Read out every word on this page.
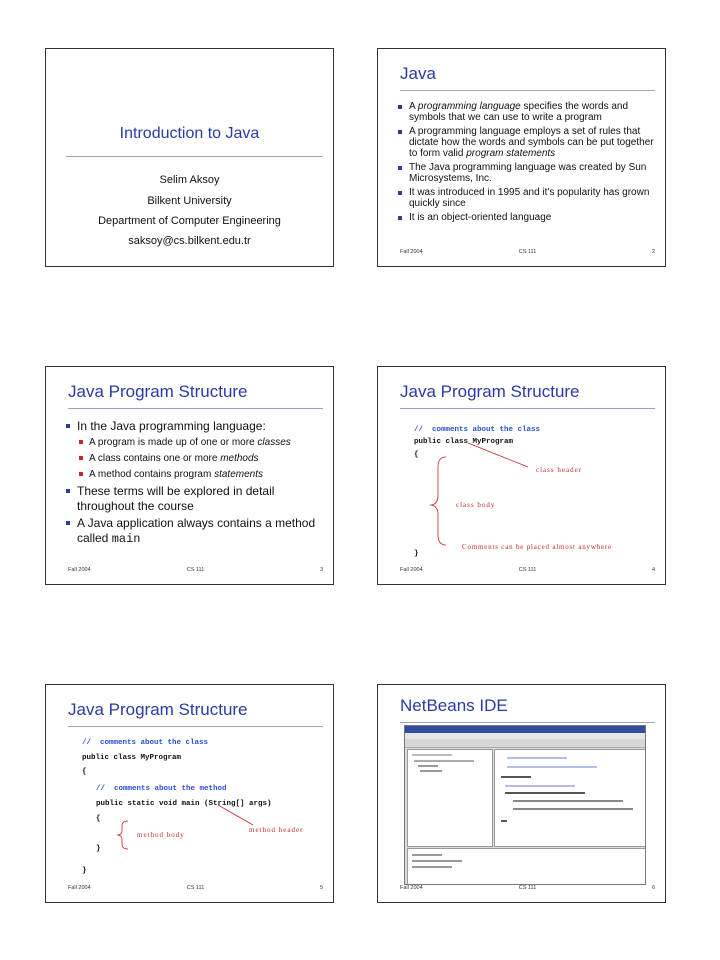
Introduction to Java
Selim Aksoy
Bilkent University
Department of Computer Engineering
saksoy@cs.bilkent.edu.tr
Java
A programming language specifies the words and symbols that we can use to write a program
A programming language employs a set of rules that dictate how the words and symbols can be put together to form valid program statements
The Java programming language was created by Sun Microsystems, Inc.
It was introduced in 1995 and it's popularity has grown quickly since
It is an object-oriented language
Fall 2004	CS 111	2
Java Program Structure
In the Java programming language:
A program is made up of one or more classes
A class contains one or more methods
A method contains program statements
These terms will be explored in detail throughout the course
A Java application always contains a method called main
Fall 2004	CS 111	3
Java Program Structure
//  comments about the class
public class MyProgram
{
}
class header
class body
Comments can be placed almost anywhere
Fall 2004	CS 111	4
Java Program Structure
//  comments about the class
public class MyProgram
{
//  comments about the method
public static void main (String[] args)
{
}
}
method header
method body
Fall 2004	CS 111	5
NetBeans IDE
Fall 2004	CS 111	6
